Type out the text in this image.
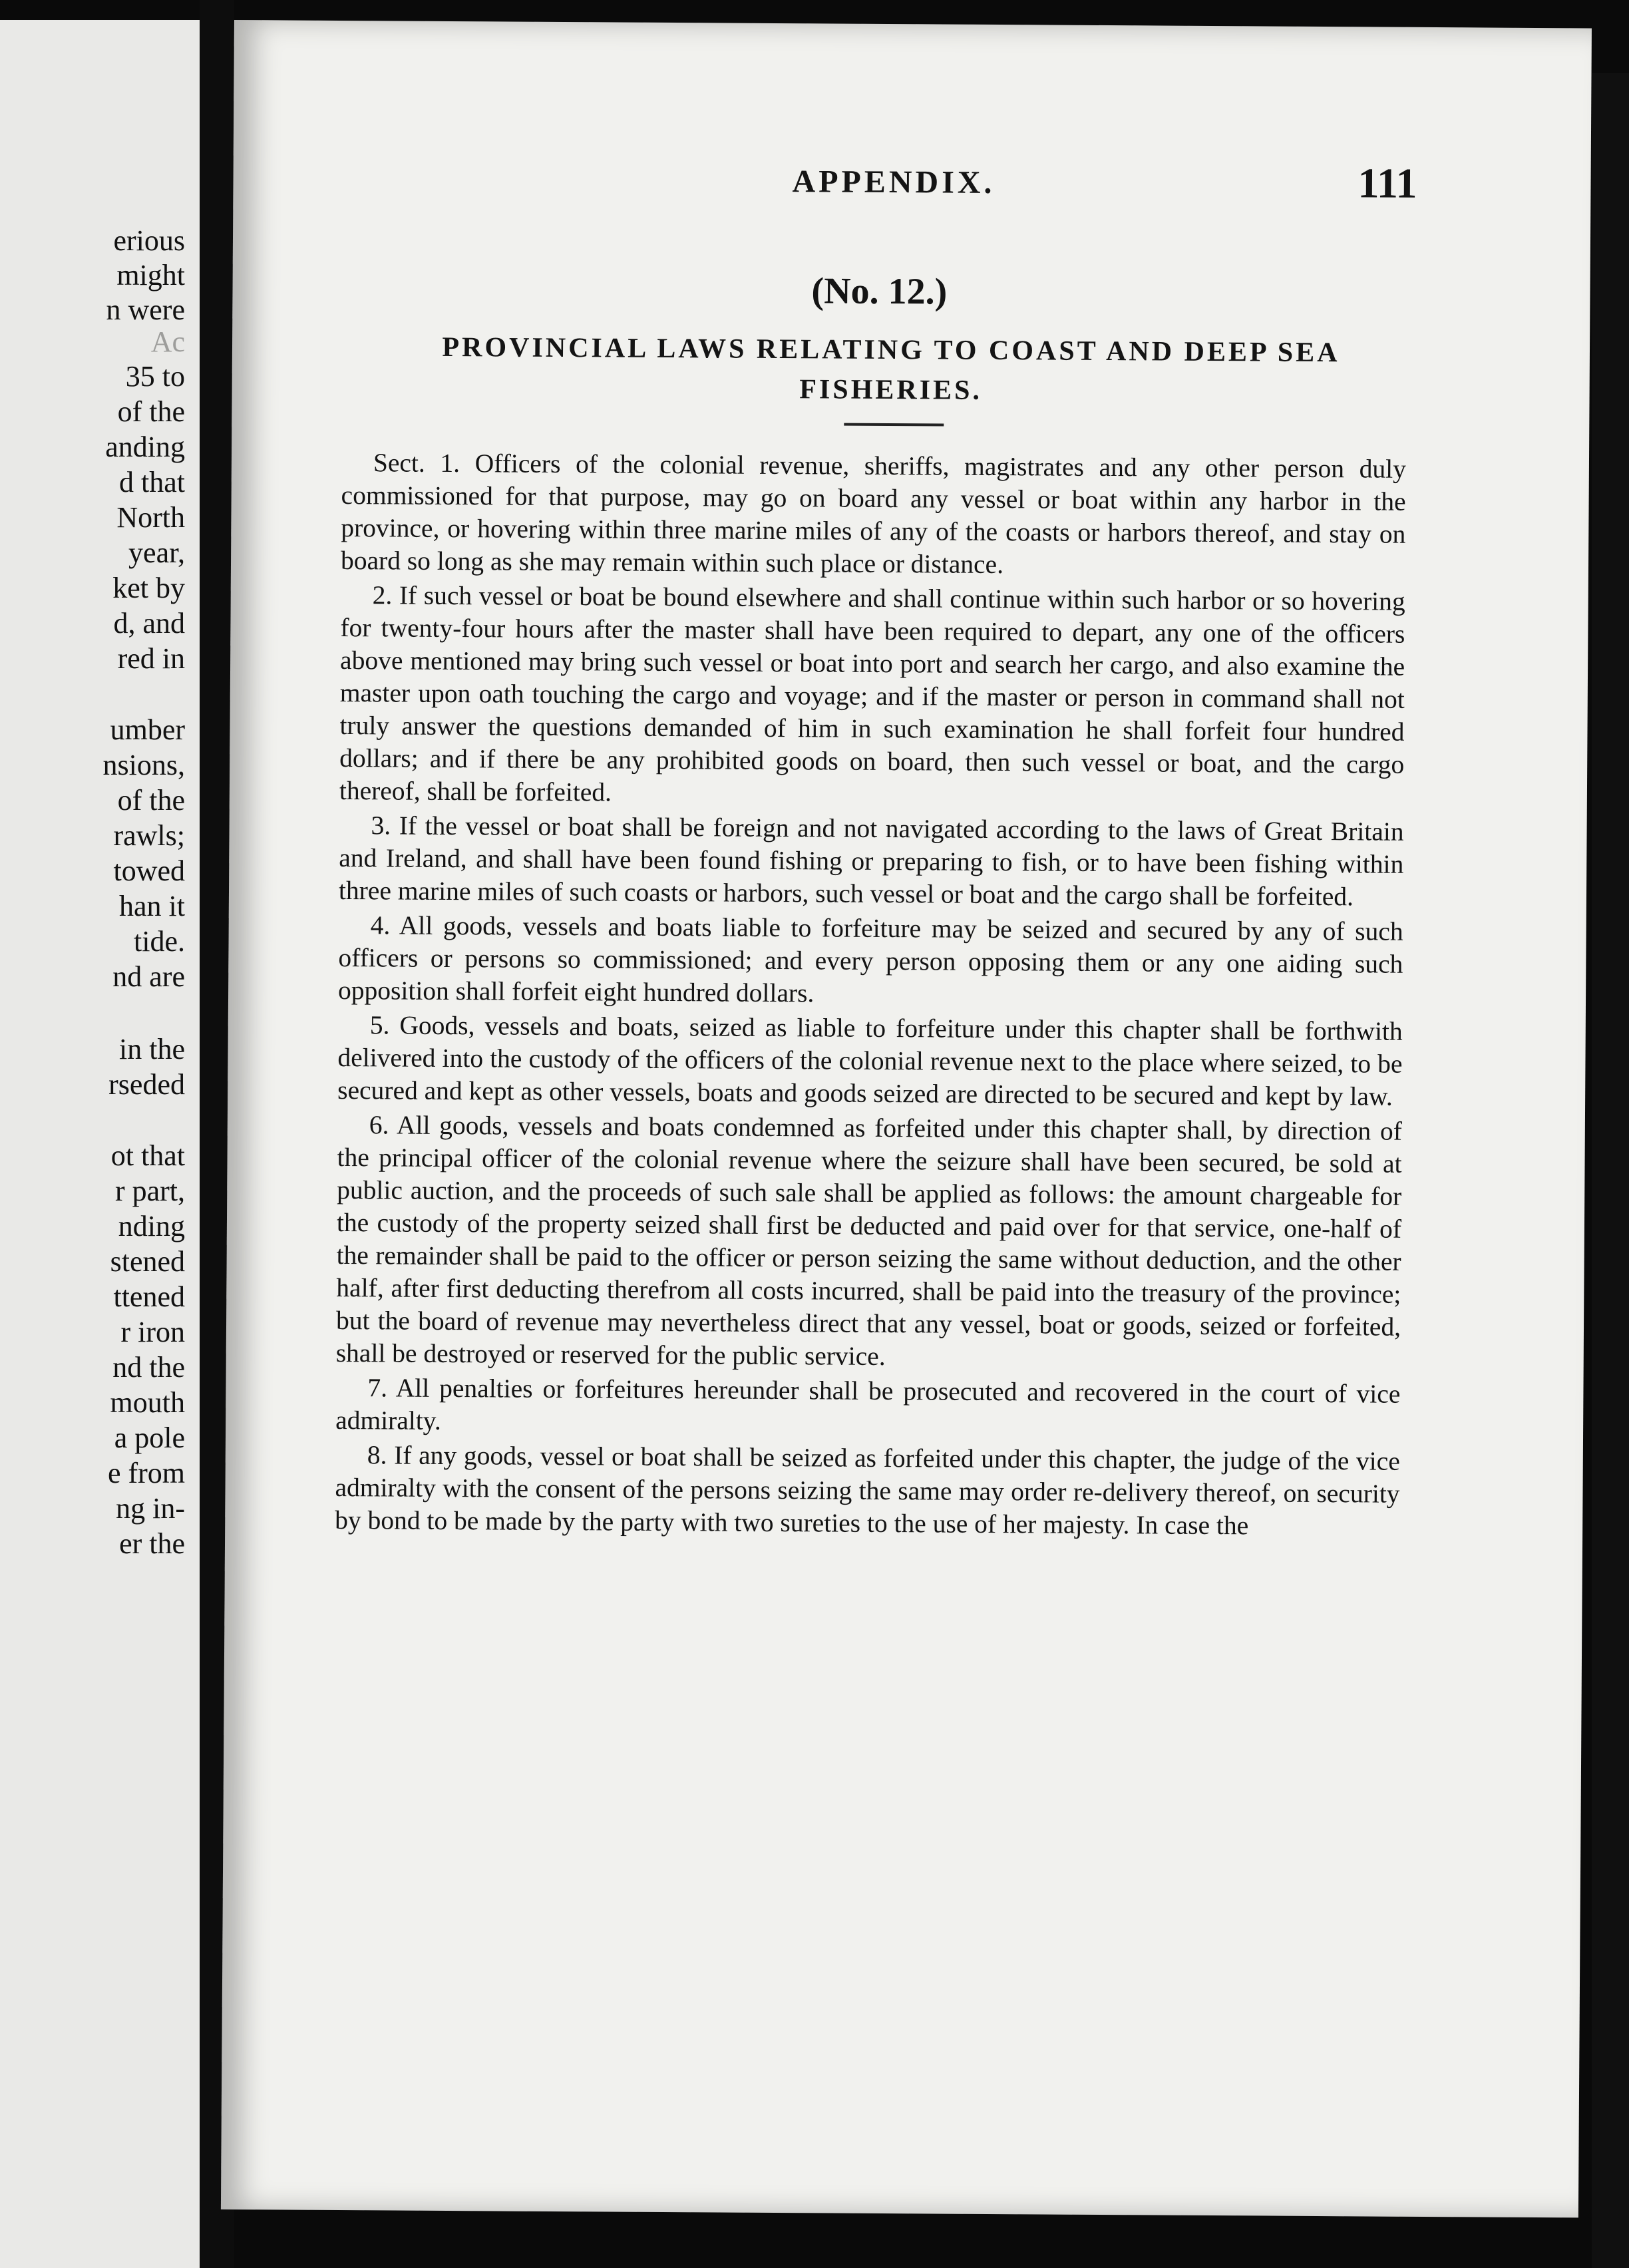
erious
might
n were
Ac
35 to
of the
anding
d that
North
year,
ket by
d, and
red in
umber
nsions,
of the
rawls;
towed
han it
tide.
nd are
in the
rseded
ot that
r part,
nding
stened
ttened
r iron
nd the
mouth
a pole
e from
ng in-
er the
APPENDIX.	111
(No. 12.)
PROVINCIAL LAWS RELATING TO COAST AND DEEP SEA FISHERIES.

Sect. 1. Officers of the colonial revenue, sheriffs, magistrates and any other person duly commissioned for that purpose, may go on board any vessel or boat within any harbor in the province, or hovering within three marine miles of any of the coasts or harbors thereof, and stay on board so long as she may remain within such place or distance.

2. If such vessel or boat be bound elsewhere and shall continue within such harbor or so hovering for twenty-four hours after the master shall have been required to depart, any one of the officers above mentioned may bring such vessel or boat into port and search her cargo, and also examine the master upon oath touching the cargo and voyage; and if the master or person in command shall not truly answer the questions demanded of him in such examination he shall forfeit four hundred dollars; and if there be any prohibited goods on board, then such vessel or boat, and the cargo thereof, shall be forfeited.

3. If the vessel or boat shall be foreign and not navigated according to the laws of Great Britain and Ireland, and shall have been found fishing or preparing to fish, or to have been fishing within three marine miles of such coasts or harbors, such vessel or boat and the cargo shall be forfeited.

4. All goods, vessels and boats liable to forfeiture may be seized and secured by any of such officers or persons so commissioned; and every person opposing them or any one aiding such opposition shall forfeit eight hundred dollars.

5. Goods, vessels and boats, seized as liable to forfeiture under this chapter shall be forthwith delivered into the custody of the officers of the colonial revenue next to the place where seized, to be secured and kept as other vessels, boats and goods seized are directed to be secured and kept by law.

6. All goods, vessels and boats condemned as forfeited under this chapter shall, by direction of the principal officer of the colonial revenue where the seizure shall have been secured, be sold at public auction, and the proceeds of such sale shall be applied as follows: the amount chargeable for the custody of the property seized shall first be deducted and paid over for that service, one-half of the remainder shall be paid to the officer or person seizing the same without deduction, and the other half, after first deducting therefrom all costs incurred, shall be paid into the treasury of the province; but the board of revenue may nevertheless direct that any vessel, boat or goods, seized or forfeited, shall be destroyed or reserved for the public service.

7. All penalties or forfeitures hereunder shall be prosecuted and recovered in the court of vice admiralty.

8. If any goods, vessel or boat shall be seized as forfeited under this chapter, the judge of the vice admiralty with the consent of the persons seizing the same may order re-delivery thereof, on security by bond to be made by the party with two sureties to the use of her majesty. In case the
